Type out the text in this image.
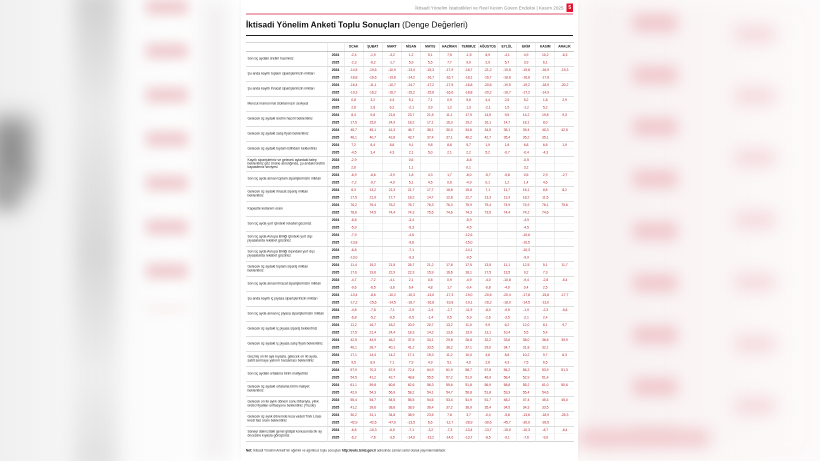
İktisadi Yönelim İstatistikleri ve Reel Kesim Güven Endeksi | Kasım 2025 5
İktisadi Yönelim Anketi Toplu Sonuçları (Denge Değerleri)
		OCAK	ŞUBAT	MART	NİSAN	MAYIS	HAZİRAN	TEMMUZ	AĞUSTOS	EYLÜL	EKİM	KASIM	ARALIK
Son üç aydaki üretim hacminiz	2024	-2,4	-1,9	-3,2	1,2	5,1	7,5	-1,5	8,9	-4,1	4,9	10,2	-6,3
	2025	-2,3	-6,2	-1,7	5,9	5,5	7,7	9,9	2,9	5,7	3,9	6,1	
Şu anda kayıtlı toplam siparişlerinizin miktarı	2024	-14,5	-19,6	-10,9	-13,4	-15,3	-17,9	-18,7	-21,2	-19,5	-19,8	-16,9	-19,3
	2025	-18,8	-16,6	-19,6	-14,2	-16,7	-16,7	-18,1	-16,7	-18,6	-16,8	-17,8	
Şu anda kayıtlı ihracat siparişlerinizin miktarı	2024	-16,4	-11,1	-10,7	-14,7	-17,2	-17,5	-16,8	-20,6	-19,5	-19,2	-18,9	-20,2
	2025	-19,3	-16,2	-16,7	-15,2	-15,6	-16,6	-18,8	-20,2	-16,7	-17,2	-14,9	
Mevcut mamul mal stoklarınızın seviyesi	2024	0,8	3,2	4,4	5,1	7,1	0,9	5,6	4,4	2,5	5,2	1,8	2,9
	2025	2,6	2,8	6,2	-2,1	3,9	1,2	1,3	-2,1	1,5	-1,2	5,2	
Gelecek üç aydaki üretim hacmi beklentiniz	2024	8,4	9,8	21,6	23,7	21,5	11,1	17,9	14,5	9,5	14,2	19,8	9,3
	2025	17,5	15,0	24,9	18,2	17,1	16,3	19,2	16,1	14,7	18,1	8,0	
Gelecek üç aydaki satış fiyatı beklentiniz	2024	45,7	45,1	41,3	46,7	38,1	30,0	34,6	34,5	35,1	39,4	40,3	42,5
	2025	46,1	40,7	42,8	43,7	37,4	37,1	40,2	42,7	35,4	35,2	35,1	
Gelecek üç aydaki toplam istihdam beklentiniz	2024	7,2	8,4	8,8	9,1	9,8	8,8	5,7	1,9	1,8	6,8	6,8	1,9
	2025	-4,5	3,4	4,3	2,1	5,0	2,1	2,2	5,2	-0,7	-0,4	-4,3	
Kayıtlı siparişleriniz ve gelecek aylardaki talep beklentiniz göz önüne alındığında, şu andaki üretim kapasiteniz seviyesi	2024	-2,9			0,6			-6,8			-0,5		
	2025	2,6			1,1			0,1			3,2		
Son üç ayda alınan toplam siparişlerinizin miktarı	2024	-6,9	-6,6	-3,9	1,8	4,3	1,7	-8,0	-5,7	-5,8	0,6	2,9	-2,7
	2025	-7,2	-0,7	-4,9	5,1	4,5	0,6	-4,9	0,1	1,2	1,4	4,6	
Gelecek üç aydaki ihracat sipariş miktarı beklentiniz	2024	6,3	13,2	21,3	21,7	17,7	16,8	15,8	7,1	11,7	15,1	8,6	8,2
	2025	17,5	21,9	17,7	18,2	14,7	12,8	12,7	13,3	13,3	18,2	11,5	
Kapasite kullanım oranı	2024	76,2	76,4	76,2	76,7	76,3	76,3	75,9	75,4	74,9	74,9	76,1	75,6
	2025	76,6	74,5	74,4	74,3	75,6	74,6	74,3	73,5	74,4	74,2	74,6	
Son üç ayda yurt içindeki rekabet gücünüz	2024	-6,8			-3,4			-5,9			-4,9		
	2025	-5,9			-5,3			-4,5			-4,5		
Son üç ayda Avrupa Birliği içindeki yurt dışı piyasalarda rekabet gücünüz	2024	-7,9			-4,6			-12,6			-10,6		
	2025	-13,8			-9,6			-15,0			-10,5		
Son üç ayda Avrupa Birliği dışındaki yurt dışı piyasalarda rekabet gücünüz	2024	-6,8			-7,1			-14,1			-10,3		
	2025	-13,0			-9,3			-9,5			-9,9		
Gelecek üç aydaki toplam sipariş miktarı beklentiniz	2024	11,4	15,2	21,5	26,7	21,2	17,8	17,5	13,5	11,1	12,5	5,1	11,7
	2025	17,6	19,6	22,9	22,3	15,9	16,6	16,1	17,5	13,5	9,2	7,3	
Son üç ayda alınan ihracat siparişlerinizin miktarı	2024	-4,7	-7,2	-4,1	2,1	0,8	0,9	-4,9	-4,0	-10,8	-9,4	-2,8	-5,4
	2025	-9,6	-6,5	-3,6	6,4	4,8	1,7	-0,4	-0,8	-4,0	0,4	2,5	
Şu anda kayıtlı iç piyasa siparişlerinizin miktarı	2024	-13,4	-8,6	-10,2	-10,3	-13,0	-17,3	-19,0	-20,6	-20,4	-17,8	-15,8	-17,7
	2025	-17,2	-15,6	-14,5	-16,7	-16,8	-19,8	-19,1	-16,2	-18,9	-14,5	-13,0	
Son üç ayda alınan iç piyasa siparişlerinizin miktarı	2024	-4,8	-7,8	-7,1	-2,9	-2,4	-2,7	-11,9	-8,0	-9,5	-1,9	-2,3	-5,8
	2025	-6,8	-5,2	-6,5	-0,5	-1,4	0,5	-5,9	-2,6	-3,5	-2,1	2,4	
Gelecek üç aydaki iç piyasa sipariş beklentiniz	2024	11,2	16,7	18,2	20,9	20,7	13,2	11,0	9,9	6,2	12,0	8,1	9,7
	2025	17,5	21,4	24,4	18,3	14,2	13,6	13,9	13,1	10,4	5,5	5,4	
Gelecek üç aydaki iç piyasa satış fiyatı beklentiniz	2024	42,5	44,9	46,2	37,5	34,1	29,8	26,8	32,2	33,6	38,0	36,6	39,9
	2025	40,1	39,7	40,1	41,2	33,5	36,2	37,1	29,0	34,7	31,8	32,1	
Geçmiş on iki aya kıyasla, gelecek on iki ayda, sabit sermaye yatırım harcaması beklentiniz	2024	17,1	14,4	14,2	17,1	15,3	11,2	10,0	4,6	8,8	10,2	9,7	6,3
	2025	9,5	8,9	7,1	7,9	4,9	5,1	4,0	2,6	4,3	7,5	6,5	
Son üç aydaki ortalama birim maliyetiniz	2024	57,9	70,3	67,9	72,4	64,9	61,9	58,7	57,8	54,2	56,3	53,9	51,3
	2025	54,5	41,2	42,7	48,8	55,5	57,2	51,9	46,9	58,4	52,9	51,4	
Gelecek üç aydaki ortalama birim maliyet beklentiniz	2024	61,1	59,8	60,6	62,6	56,3	55,6	51,8	56,9	58,8	55,2	61,0	50,6
	2025	42,9	54,3	56,9	58,2	54,1	54,7	56,8	51,8	53,3	55,4	54,6	
Gelecek on iki aylık dönem sonu itibarıyla, yıllık üretici fiyatları enflasyonu beklentiniz (Yüzde)	2024	55,4	54,7	54,5	55,5	54,6	53,4	51,9	51,7	48,2	47,4	45,4	45,0
	2025	41,2	39,6	38,6	38,9	36,4	37,2	36,9	35,4	34,5	34,3	33,5	
Gelecek üç aylık dönemde kısa vadeli Türk Lirası kredi faiz oranı beklentiniz	2024	30,2	31,1	34,8	38,9	23,5	7,8	3,7	-0,4	-5,8	-13,6	-18,9	-25,3
	2025	-42,9	-42,6	-47,9	-13,5	6,6	-12,7	-28,9	-30,6	-45,7	-30,0	-39,5	
Sanayi dalınızdaki genel gidişat konusunda bir ay öncesine kıyasla görüşünüz	2024	-6,6	-10,3	-6,0	-7,1	-3,2	-7,3	-13,4	-13,7	-15,0	-10,3	-8,7	-8,4
	2025	-6,2	-7,6	-3,5	-14,0	-13,2	-14,6	-13,7	-8,5	-9,1	-7,6	-9,0	
Not: İktisadi Yönelim Anketi'nin ağırlıklı ve ağırlıksız toplu sonuçları http://evds.tcmb.gov.tr adresinde zaman serisi olarak yayımlanmaktadır.
